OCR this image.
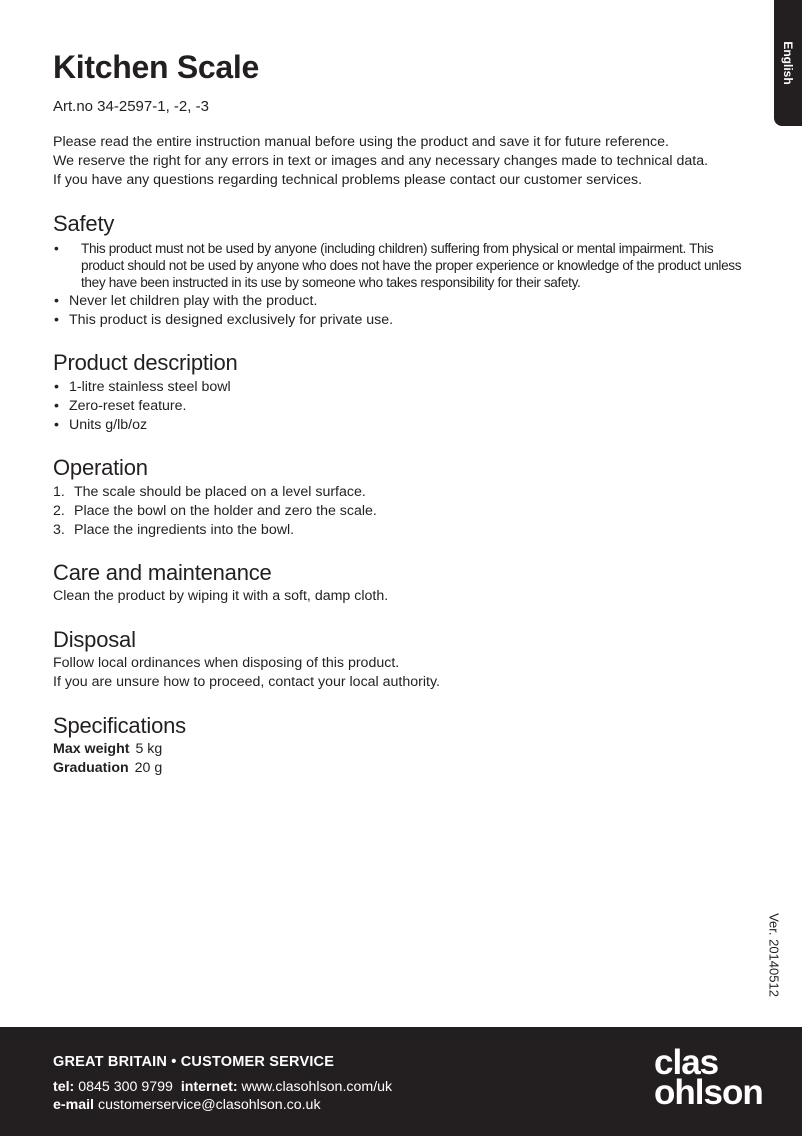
English
Kitchen Scale
Art.no 34-2597-1, -2, -3
Please read the entire instruction manual before using the product and save it for future reference.
We reserve the right for any errors in text or images and any necessary changes made to technical data.
If you have any questions regarding technical problems please contact our customer services.
Safety
• This product must not be used by anyone (including children) suffering from physical or mental impairment. This product should not be used by anyone who does not have the proper experience or knowledge of the product unless they have been instructed in its use by someone who takes responsibility for their safety.
• Never let children play with the product.
• This product is designed exclusively for private use.
Product description
• 1-litre stainless steel bowl
• Zero-reset feature.
• Units g/lb/oz
Operation
1. The scale should be placed on a level surface.
2. Place the bowl on the holder and zero the scale.
3. Place the ingredients into the bowl.
Care and maintenance
Clean the product by wiping it with a soft, damp cloth.
Disposal
Follow local ordinances when disposing of this product.
If you are unsure how to proceed, contact your local authority.
Specifications
Max weight 5 kg
Graduation 20 g
Ver. 20140512
GREAT BRITAIN • CUSTOMER SERVICE
tel: 0845 300 9799 internet: www.clasohlson.com/uk
e-mail customerservice@clasohlson.co.uk
clas
ohlson
